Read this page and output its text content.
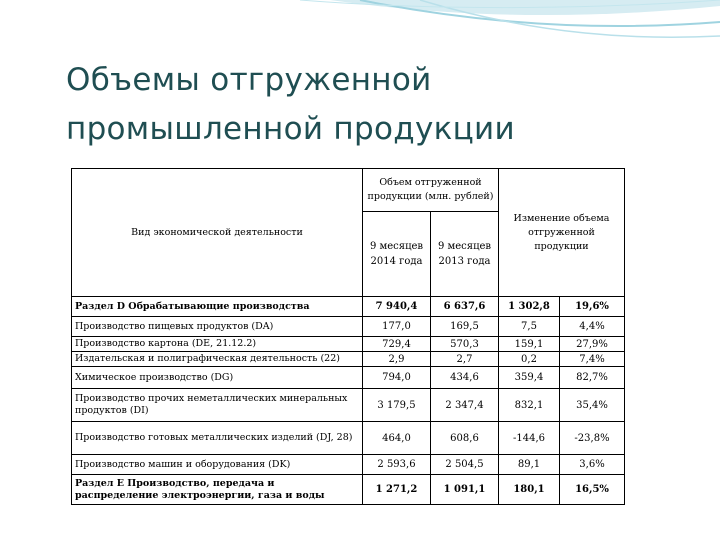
Объемы отгруженной
промышленной продукции
Вид экономической деятельности	Объем отгруженной продукции (млн. рублей)		Изменение объема отгруженной продукции	
	9 месяцев 2014 года	9 месяцев 2013 года		
Раздел D Обрабатывающие производства	7 940,4	6 637,6	1 302,8	19,6%
Производство пищевых продуктов (DA)	177,0	169,5	7,5	4,4%
Производство картона (DE, 21.12.2)	729,4	570,3	159,1	27,9%
Издательская и полиграфическая деятельность (22)	2,9	2,7	0,2	7,4%
Химическое производство (DG)	794,0	434,6	359,4	82,7%
Производство прочих неметаллических минеральных продуктов (DI)	3 179,5	2 347,4	832,1	35,4%
Производство готовых металлических изделий (DJ, 28)	464,0	608,6	-144,6	-23,8%
Производство машин и оборудования (DK)	2 593,6	2 504,5	89,1	3,6%
Раздел E Производство, передача и распределение электроэнергии, газа и воды	1 271,2	1 091,1	180,1	16,5%
